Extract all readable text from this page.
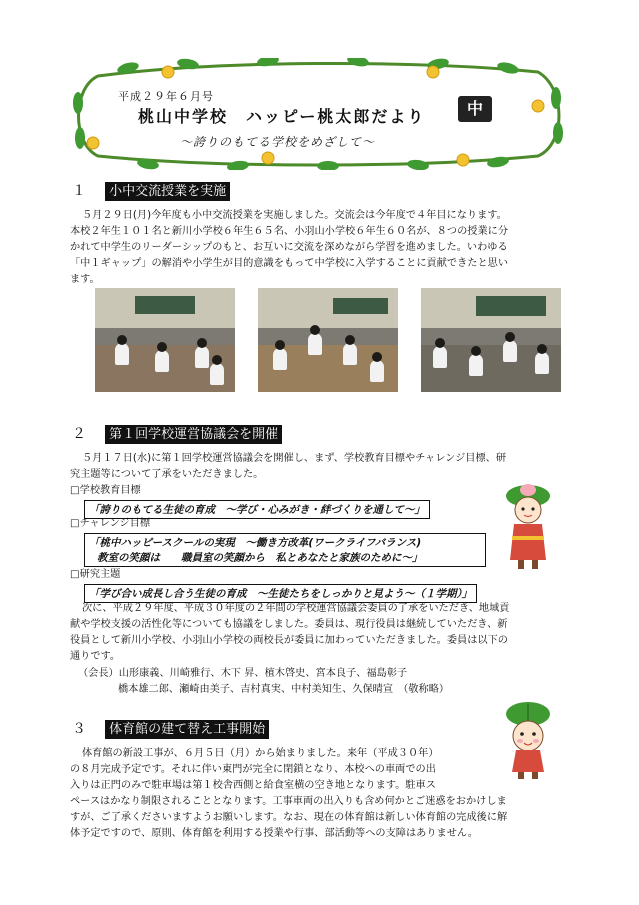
平成２９年６月号
桃山中学校　ハッピー桃太郎だより	中
～誇りのもてる学校をめざして～
１ 小中交流授業を実施
５月２９日(月)今年度も小中交流授業を実施しました。交流会は今年度で４年目になります。
本校２年生１０１名と新川小学校６年生６５名、小羽山小学校６年生６０名が、８つの授業に分
かれて中学生のリーダーシップのもと、お互いに交流を深めながら学習を進めました。いわゆる
「中１ギャップ」の解消や小学生が目的意識をもって中学校に入学することに貢献できたと思い
ます。
２ 第１回学校運営協議会を開催
５月１７日(水)に第１回学校運営協議会を開催し、まず、学校教育目標やチャレンジ目標、研
究主題等について了承をいただきました。
□学校教育目標
「誇りのもてる生徒の育成　～学び・心みがき・絆づくりを通して～」
□チャレンジ目標
「桃中ハッピースクールの実現　～働き方改革(ワークライフバランス)
教室の笑顔は　　職員室の笑顔から　私とあなたと家族のために～」
□研究主題
「学び合い成長し合う生徒の育成　～生徒たちをしっかりと見よう～（１学期）」
次に、平成２９年度、平成３０年度の２年間の学校運営協議会委員の了承をいただき、地域貢
献や学校支援の活性化等についても協議をしました。委員は、現行役員は継続していただき、新
役員として新川小学校、小羽山小学校の両校長が委員に加わっていただきました。委員は以下の
通りです。
（会長）山形康義、川崎雅行、木下 昇、植木啓史、宮本良子、福島彰子
橋本雄二郎、瀬崎由美子、吉村真実、中村美知生、久保晴宣　（敬称略）
３ 体育館の建て替え工事開始
体育館の新設工事が、６月５日（月）から始まりました。来年（平成３０年）
の８月完成予定です。それに伴い東門が完全に閉鎖となり、本校への車両での出
入りは正門のみで駐車場は第１校舎西側と給食室横の空き地となります。駐車ス
ペースはかなり制限されることとなります。工事車両の出入りも含め何かとご迷惑をおかけしま
すが、ご了承くださいますようお願いします。なお、現在の体育館は新しい体育館の完成後に解
体予定ですので、原則、体育館を利用する授業や行事、部活動等への支障はありません。
